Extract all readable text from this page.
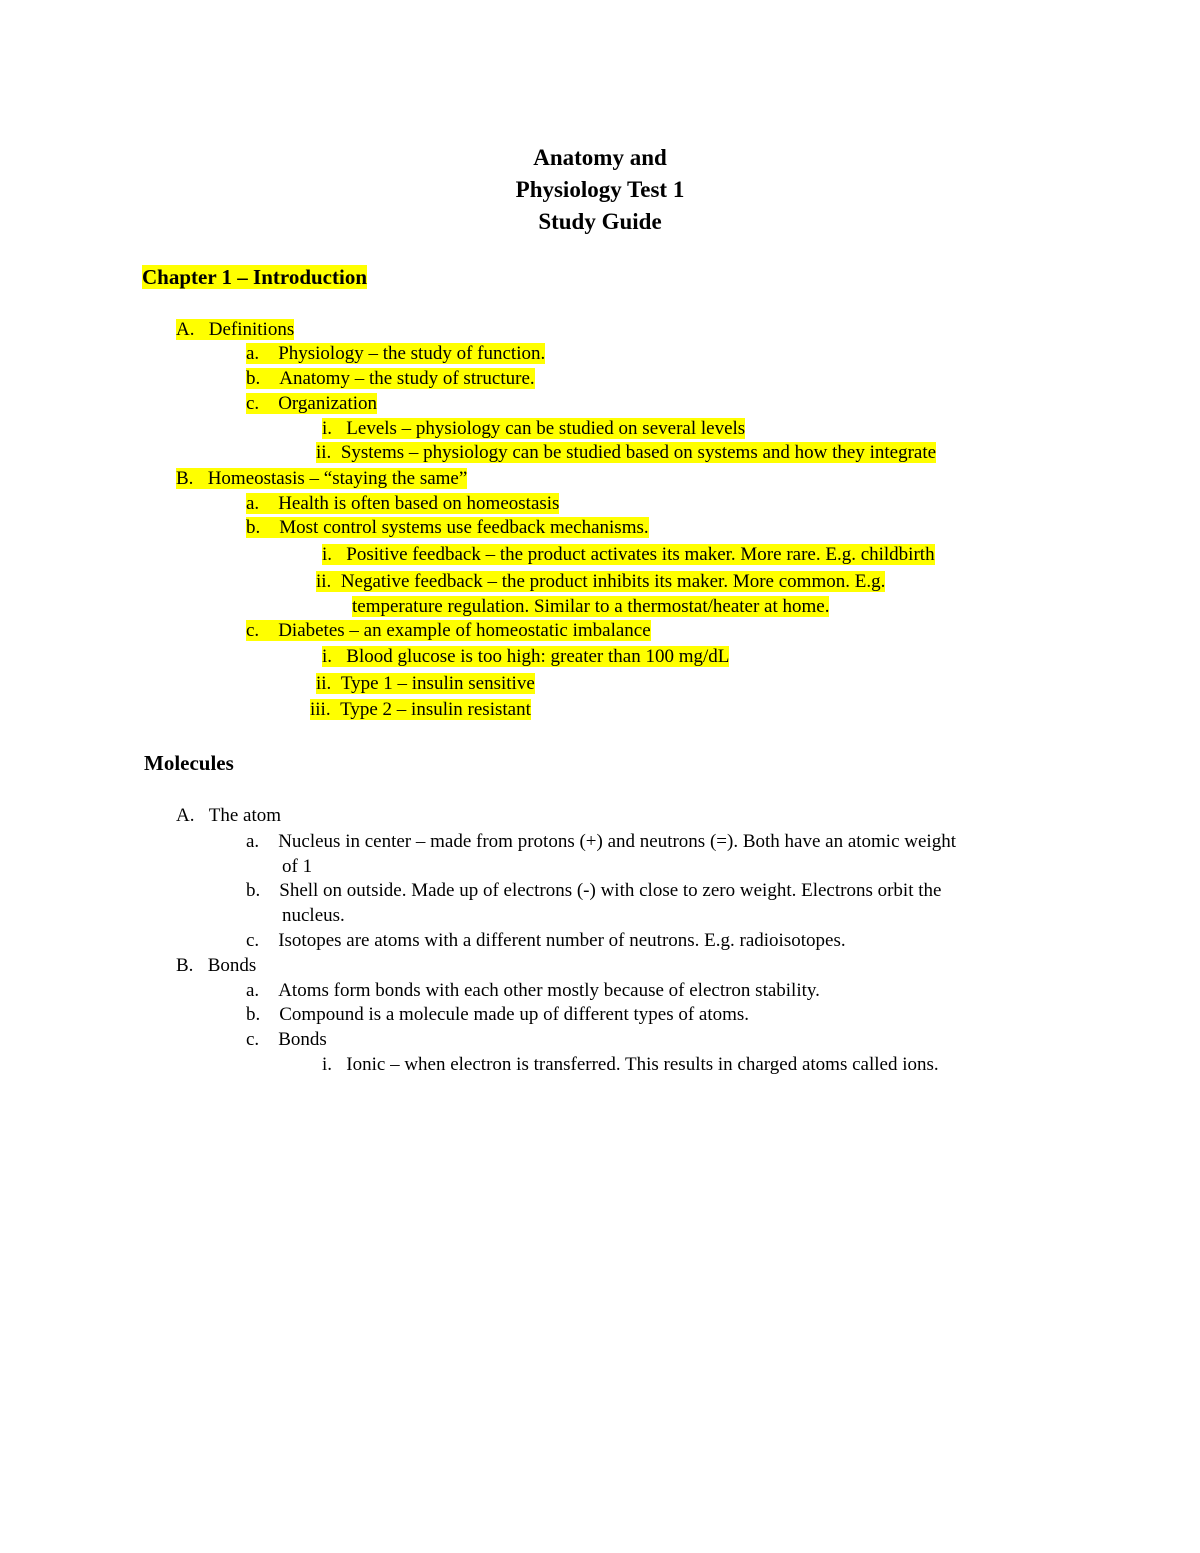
Anatomy and
Physiology Test 1
Study Guide
Chapter 1 – Introduction
A. Definitions
a. Physiology – the study of function.
b. Anatomy – the study of structure.
c. Organization
i. Levels – physiology can be studied on several levels
ii. Systems – physiology can be studied based on systems and how they integrate
B. Homeostasis – “staying the same”
a. Health is often based on homeostasis
b. Most control systems use feedback mechanisms.
i. Positive feedback – the product activates its maker. More rare. E.g. childbirth
ii. Negative feedback – the product inhibits its maker. More common. E.g.
temperature regulation. Similar to a thermostat/heater at home.
c. Diabetes – an example of homeostatic imbalance
i. Blood glucose is too high: greater than 100 mg/dL
ii. Type 1 – insulin sensitive
iii. Type 2 – insulin resistant
Molecules
A. The atom
a. Nucleus in center – made from protons (+) and neutrons (=). Both have an atomic weight
of 1
b. Shell on outside. Made up of electrons (-) with close to zero weight. Electrons orbit the
nucleus.
c. Isotopes are atoms with a different number of neutrons. E.g. radioisotopes.
B. Bonds
a. Atoms form bonds with each other mostly because of electron stability.
b. Compound is a molecule made up of different types of atoms.
c. Bonds
i. Ionic – when electron is transferred. This results in charged atoms called ions.
